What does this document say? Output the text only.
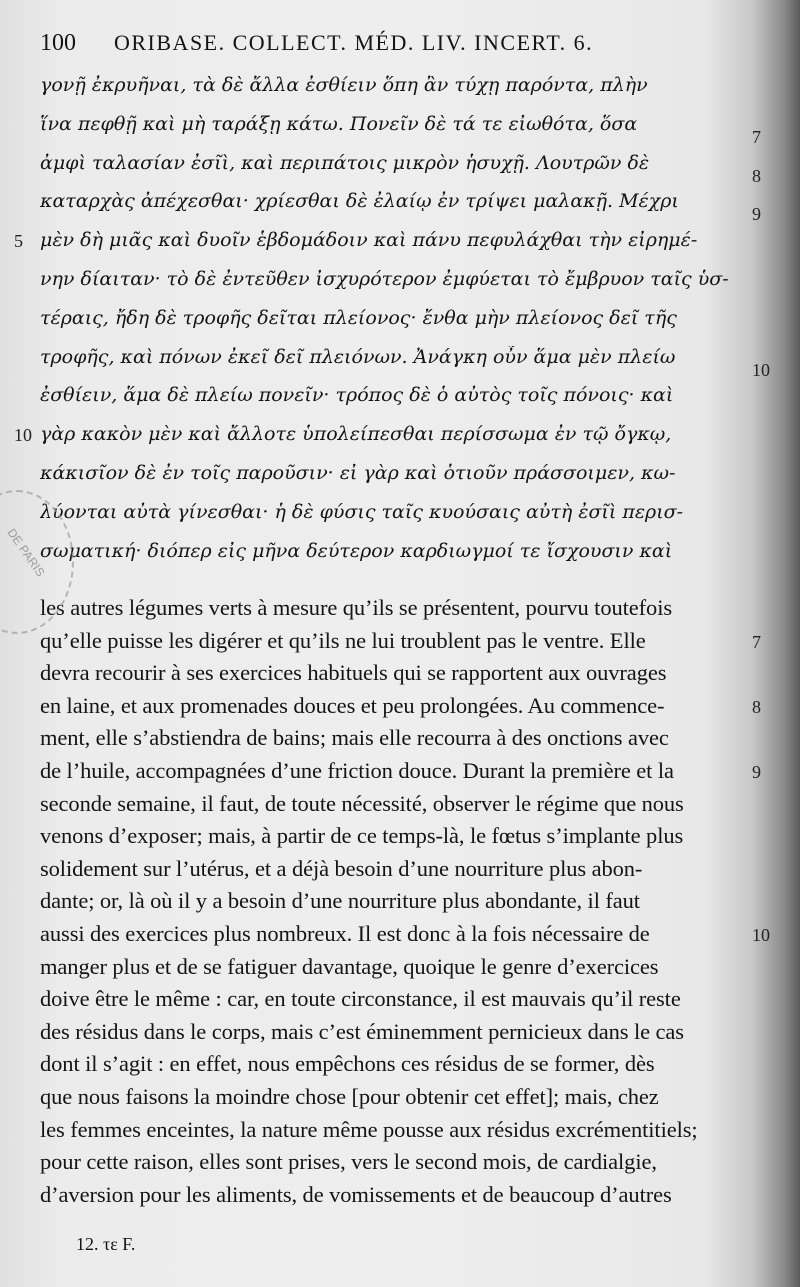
100 ORIBASE. COLLECT. MÉD. LIV. INCERT. 6.
γονῇ ἐκρυῆναι, τὰ δὲ ἄλλα ἐσθίειν ὅπη ἂν τύχῃ παρόντα, πλὴν
ἵνα πεφθῇ καὶ μὴ ταράξῃ κάτω. Πονεῖν δὲ τά τε εἰωθότα, ὅσα
7
ἀμφὶ ταλασίαν ἐσῖὶ, καὶ περιπάτοις μικρὸν ἡσυχῇ. Λουτρῶν δὲ
8
καταρχὰς ἀπέχεσθαι· χρίεσθαι δὲ ἐλαίῳ ἐν τρίψει μαλακῇ. Μέχρι
9
μὲν δὴ μιᾶς καὶ δυοῖν ἑβδομάδοιν καὶ πάνυ πεφυλάχθαι τὴν εἰρημέ-
5
νην δίαιταν· τὸ δὲ ἐντεῦθεν ἰσχυρότερον ἐμφύεται τὸ ἔμβρυον ταῖς ὑσ-
τέραις, ἤδη δὲ τροφῆς δεῖται πλείονος· ἔνθα μὴν πλείονος δεῖ τῆς
τροφῆς, καὶ πόνων ἐκεῖ δεῖ πλειόνων. Ἀνάγκη οὖν ἅμα μὲν πλείω
10
ἐσθίειν, ἅμα δὲ πλείω πονεῖν· τρόπος δὲ ὁ αὐτὸς τοῖς πόνοις· καὶ
γὰρ κακὸν μὲν καὶ ἄλλοτε ὑπολείπεσθαι περίσσωμα ἐν τῷ ὄγκῳ,
10
κάκισῖον δὲ ἐν τοῖς παροῦσιν· εἰ γὰρ καὶ ὁτιοῦν πράσσοιμεν, κω-
λύονται αὐτὰ γίνεσθαι· ἡ δὲ φύσις ταῖς κυούσαις αὐτὴ ἐσῖὶ περισ-
σωματική· διόπερ εἰς μῆνα δεύτερον καρδιωγμοί τε ἴσχουσιν καὶ
les autres légumes verts à mesure qu’ils se présentent, pourvu toutefois
qu’elle puisse les digérer et qu’ils ne lui troublent pas le ventre. Elle	7
devra recourir à ses exercices habituels qui se rapportent aux ouvrages
en laine, et aux promenades douces et peu prolongées. Au commence-	8
ment, elle s’abstiendra de bains; mais elle recourra à des onctions avec
de l’huile, accompagnées d’une friction douce. Durant la première et la	9
seconde semaine, il faut, de toute nécessité, observer le régime que nous
venons d’exposer; mais, à partir de ce temps-là, le fœtus s’implante plus
solidement sur l’utérus, et a déjà besoin d’une nourriture plus abon-
dante; or, là où il y a besoin d’une nourriture plus abondante, il faut
aussi des exercices plus nombreux. Il est donc à la fois nécessaire de	10
manger plus et de se fatiguer davantage, quoique le genre d’exercices
doive être le même : car, en toute circonstance, il est mauvais qu’il reste
des résidus dans le corps, mais c’est éminemment pernicieux dans le cas
dont il s’agit : en effet, nous empêchons ces résidus de se former, dès
que nous faisons la moindre chose [pour obtenir cet effet]; mais, chez
les femmes enceintes, la nature même pousse aux résidus excrémentitiels;
pour cette raison, elles sont prises, vers le second mois, de cardialgie,
d’aversion pour les aliments, de vomissements et de beaucoup d’autres
DE PARIS
12. τε F.
